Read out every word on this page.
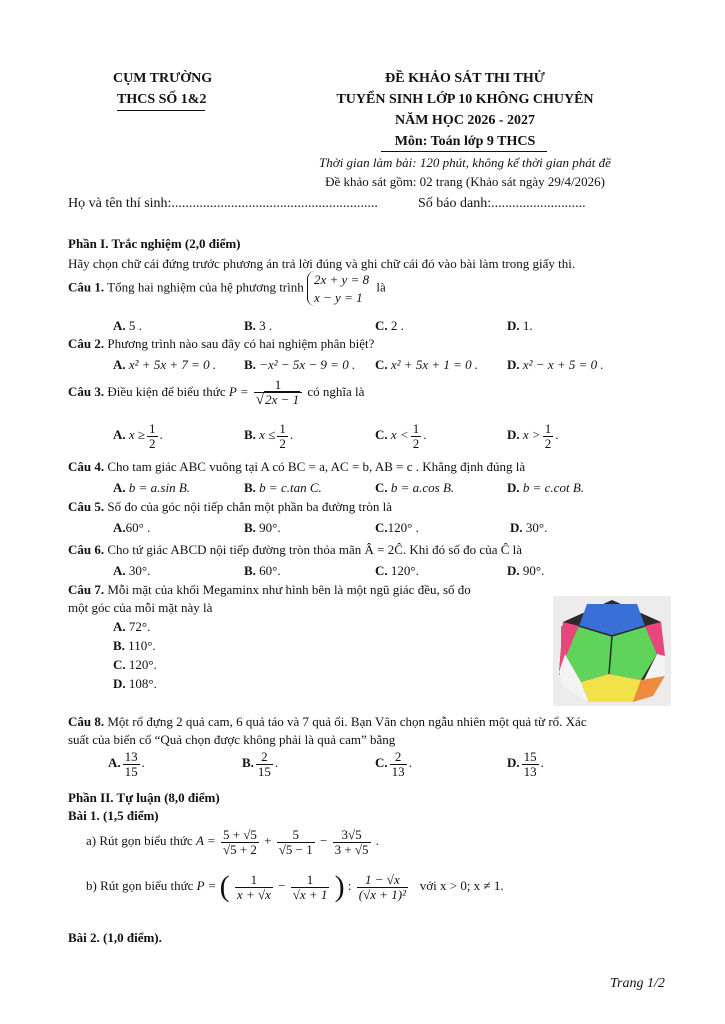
CỤM TRƯỜNG
THCS SỐ 1&2
ĐỀ KHẢO SÁT THI THỬ
TUYỂN SINH LỚP 10 KHÔNG CHUYÊN
NĂM HỌC 2026 - 2027
Môn: Toán lớp 9 THCS
Thời gian làm bài: 120 phút, không kể thời gian phát đề
Đề khảo sát gồm: 02 trang (Khảo sát ngày 29/4/2026)
Họ và tên thí sinh:...........................................................	Số báo danh:...........................
Phần I. Trắc nghiệm (2,0 điểm)
Hãy chọn chữ cái đứng trước phương án trả lời đúng và ghi chữ cái đó vào bài làm trong giấy thi.
Câu 1. Tổng hai nghiệm của hệ phương trình
2x + y = 8
x − y = 1
là
A. 5 .	B. 3 .	C. 2 .	D. 1.
Câu 2. Phương trình nào sau đây có hai nghiệm phân biệt?
A. x² + 5x + 7 = 0 . B. −x² − 5x − 9 = 0 . C. x² + 5x + 1 = 0 . D. x² − x + 5 = 0 .
Câu 3. Điều kiện để biểu thức $P = \frac{1}{√2x - 1}$ có nghĩa là
A. $x \ge \frac{1}{2}$ .	B. $x \le \frac{1}{2}$ .	C. $x < \frac{1}{2}$ .	D. $x > \frac{1}{2}$ .
Câu 4. Cho tam giác ABC vuông tại A có BC = a, AC = b, AB = c . Khẳng định đúng là
A. b = a.sin B.	B. b = c.tan C.	C. b = a.cos B.	D. b = c.cot B.
Câu 5. Số đo của góc nội tiếp chắn một phần ba đường tròn là
A.60° .	B. 90°.	C.120° .	D. 30°.
Câu 6. Cho tứ giác ABCD nội tiếp đường tròn thỏa mãn Â = 2Ĉ. Khi đó số đo của Ĉ là
A. 30°.	B. 60°.	C. 120°.	D. 90°.
Câu 7. Mỗi mặt của khối Megaminx như hình bên là một ngũ giác đều, số đo
một góc của mỗi mặt này là
A. 72°.
B. 110°.
C. 120°.
D. 108°.
Câu 8. Một rổ đựng 2 quả cam, 6 quả táo và 7 quả ổi. Bạn Vân chọn ngẫu nhiên một quả từ rổ. Xác
suất của biến cố “Quả chọn được không phải là quả cam” bằng
A. $\frac{13}{15}$ .	B. $\frac{2}{15}$ .	C. $\frac{2}{13}$ .	D. $\frac{15}{13}$ .
Phần II. Tự luận (8,0 điểm)
Bài 1. (1,5 điểm)
a) Rút gọn biểu thức $A = \frac{5 + √5}{√5 + 2} + \frac{5}{√5 - 1} - \frac{3√5}{3 + √5}$ .
b) Rút gọn biểu thức P = ( $\frac{1}{x + √x} - \frac{1}{√x + 1}$ ) : $\frac{1 - √x}{\text{(√x + 1)²}}$ với x > 0; x ≠ 1.
Bài 2. (1,0 điểm).
Trang 1/2
